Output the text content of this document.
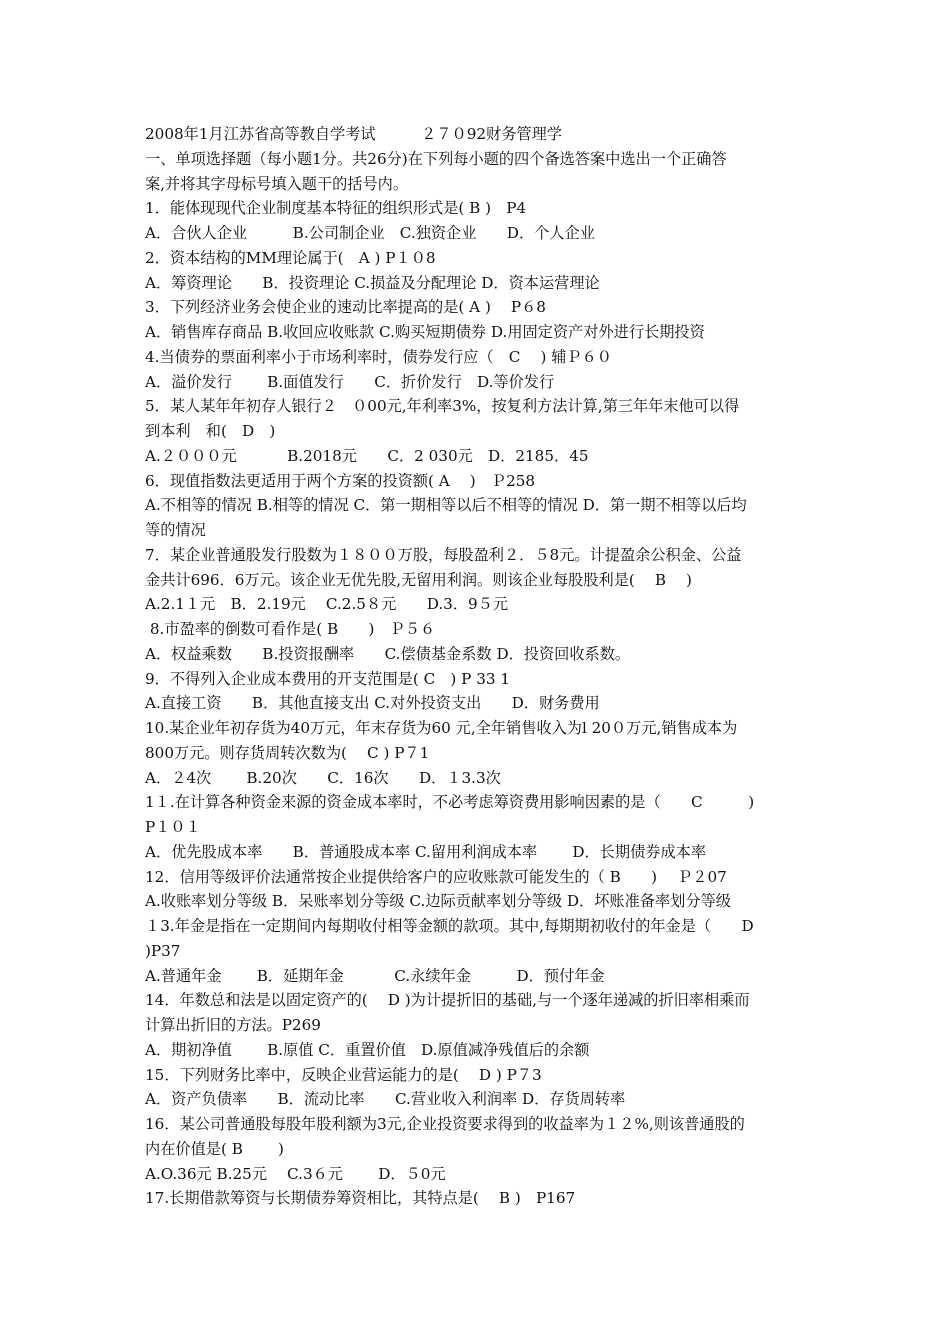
2008年1月江苏省高等教自学考试　　　２７０92财务管理学
一、单项选择题（每小题1分。共26分)在下列每小题的四个备选答案中选出一个正确答
案,并将其字母标号填入题干的括号内。
1．能体现现代企业制度基本特征的组织形式是( B )　P4
A．合伙人企业　　　B.公司制企业　C.独资企业　　D．个人企业
2．资本结构的MM理论属于(　A ) P１０8
A．筹资理论　　B．投资理论 C.损益及分配理论 D．资本运营理论
3．下列经济业务会使企业的速动比率提高的是( A )　 P６8
A．销售库存商品 B.收回应收账款 C.购买短期债券 D.用固定资产对外进行长期投资
4.当债券的票面利率小于市场利率时，债券发行应（　C　 ) 辅Ｐ６０
A．溢价发行　　 B.面值发行　　C．折价发行　D.等价发行
5．某人某年年初存人银行２　０00元,年利率3%，按复利方法计算,第三年年末他可以得
到本利　和(　D　)
A.２０００元　　　 B.2018元　　C．2 030元　D．2185．45
6．现值指数法更适用于两个方案的投资额( A　 )　Ｐ258
A.不相等的情况 B.相等的情况 C．第一期相等以后不相等的情况 D．第一期不相等以后均
等的情况
7．某企业普通股发行股数为１８００万股，每股盈利２．５8元。计提盈余公积金、公益
金共计696．6万元。该企业无优先股,无留用利润。则该企业每股股利是(　 B　 )
A.2.1１元　B．2.19元　 C.2.5８元　　D.3．9５元
8.市盈率的倒数可看作是( B　　)　Ｐ５６
A．权益乘数　　B.投资报酬率　　C.偿债基金系数 D．投资回收系数。
9．不得列入企业成本费用的开支范围是( C　) P 33 1
A.直接工资　　B．其他直接支出 C.对外投资支出　　D．财务费用
10.某企业年初存货为40万元，年末存货为60 元,全年销售收入为l 20０万元,销售成本为
800万元。则存货周转次数为(　 C ) P７1
A．２4次　　 B.20次　　C．16次　　D．１3.3次
1１.在计算各种资金来源的资金成本率时，不必考虑筹资费用影响因素的是（　　C　　　)
P１０１
A．优先股成本率　　B．普通股成本率 C.留用利润成本率　　 D．长期债券成本率
12．信用等级评价法通常按企业提供给客户的应收账款可能发生的（ B　　)　 Ｐ２07
A.收账率划分等级 B．呆账率划分等级 C.边际贡献率划分等级 D．坏账准备率划分等级
１3.年金是指在一定期间内每期收付相等金额的款项。其中,每期期初收付的年金是（　　D
)P37
A.普通年金　　 B．延期年金　　　 C.永续年金　　　D．预付年金
14．年数总和法是以固定资产的(　 D )为计提折旧的基础,与一个逐年递减的折旧率相乘而
计算出折旧的方法。P269
A．期初净值　　 B.原值 C．重置价值　D.原值减净残值后的余额
15．下列财务比率中，反映企业营运能力的是(　 D ) P７3
A．资产负债率　　B．流动比率　　C.营业收入利润率 D．存货周转率
16．某公司普通股每股年股利额为3元,企业投资要求得到的收益率为１２%,则该普通股的
内在价值是( B　　 )
A.O.36元 B.25元　 C.3６元　　 D．５0元
17.长期借款筹资与长期债券筹资相比，其特点是(　 B )　P167
